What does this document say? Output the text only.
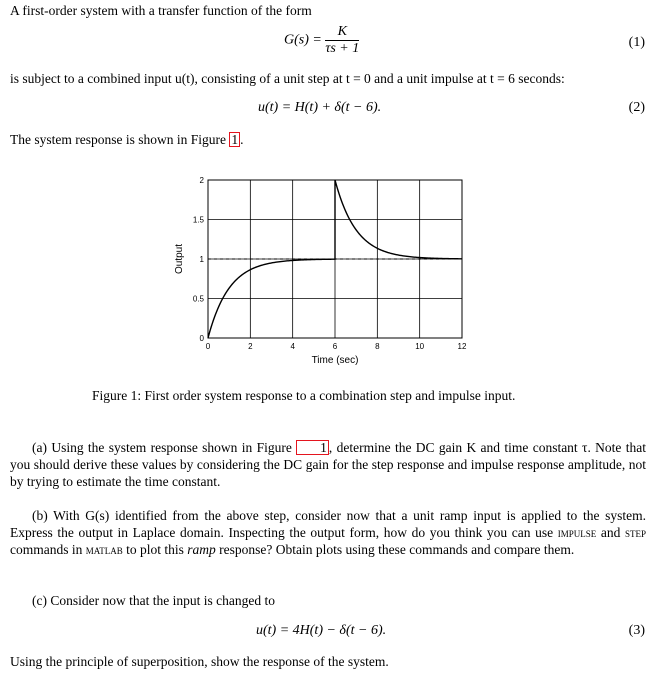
A first-order system with a transfer function of the form
$G(s) = \frac{K}{\tau s + 1}$	(1)
is subject to a combined input u(t), consisting of a unit step at t = 0 and a unit impulse at t = 6 seconds:
u(t) = H(t) + δ(t − 6).	(2)
The system response is shown in Figure 1 .
0	2	4	6	8	10	12
0
0.5
1
1.5
2
Time (sec)
Output
Figure 1: First order system response to a combination step and impulse input.
(a) Using the system response shown in Figure 1 , determine the DC gain K and time constant τ. Note that you should derive these values by considering the DC gain for the step response and impulse response amplitude, not by trying to estimate the time constant.
(b) With G(s) identified from the above step, consider now that a unit ramp input is applied to the system. Express the output in Laplace domain. Inspecting the output form, how do you think you can use impulse and step commands in matlab to plot this ramp response? Obtain plots using these commands and compare them.
(c) Consider now that the input is changed to
u(t) = 4H(t) − δ(t − 6).	(3)
Using the principle of superposition, show the response of the system.
